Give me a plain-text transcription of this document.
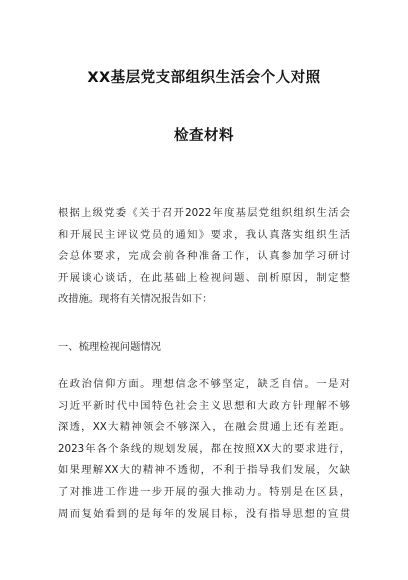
XX基层党支部组织生活会个人对照
检查材料
根据上级党委《关于召开2022年度基层党组织组织生活会
和开展民主评议党员的通知》要求，我认真落实组织生活
会总体要求，完成会前各种准备工作，认真参加学习研讨
开展谈心谈话，在此基础上检视问题、剖析原因，制定整
改措施。现将有关情况报告如下：
一、梳理检视问题情况
在政治信仰方面。理想信念不够坚定，缺乏自信。一是对
习近平新时代中国特色社会主义思想和大政方针理解不够
深透，XX大精神领会不够深入，在融会贯通上还有差距。
2023年各个条线的规划发展，都在按照XX大的要求进行，
如果理解XX大的精神不透彻，不利于指导我们发展，欠缺
了对推进工作进一步开展的强大推动力。特别是在区县，
周而复始看到的是每年的发展目标，没有指导思想的宣贯
